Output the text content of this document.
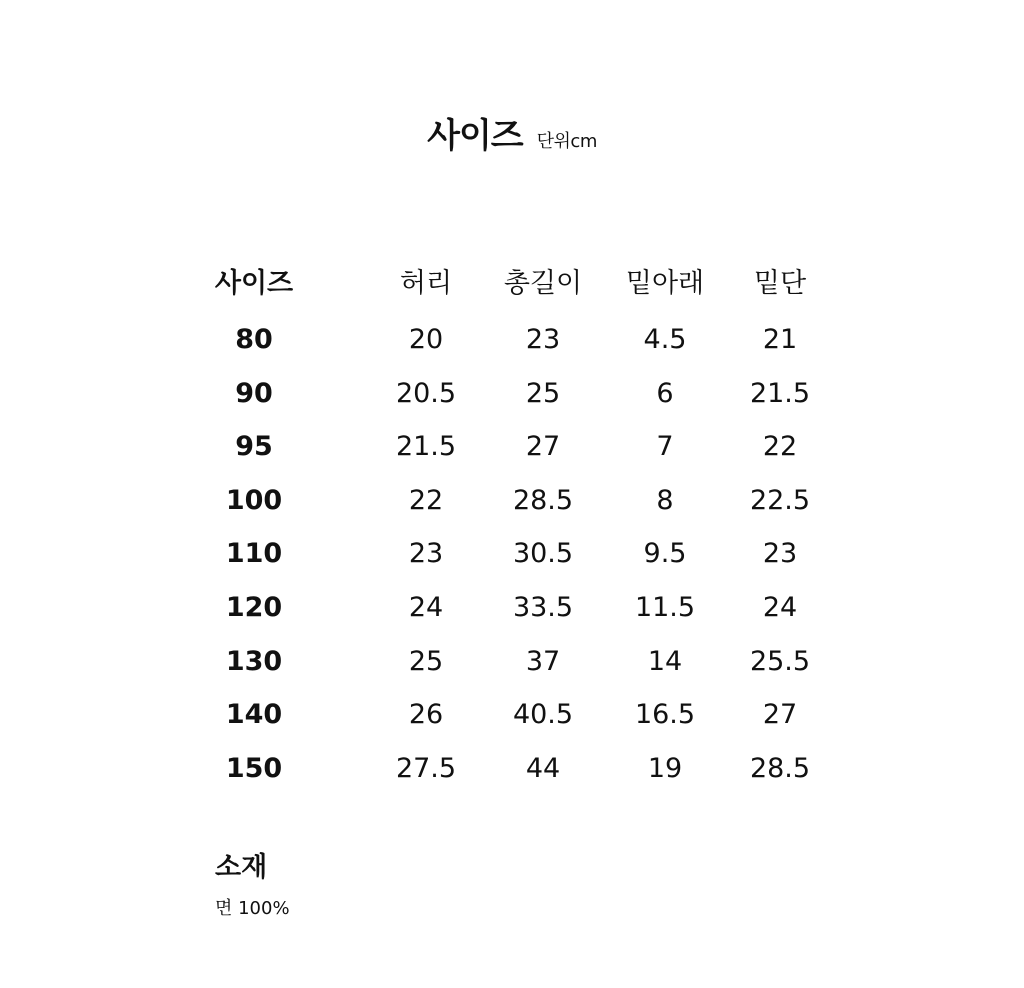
사이즈 단위cm
사이즈	허리	총길이	밑아래	밑단
80	20	23	4.5	21
90	20.5	25	6	21.5
95	21.5	27	7	22
100	22	28.5	8	22.5
110	23	30.5	9.5	23
120	24	33.5	11.5	24
130	25	37	14	25.5
140	26	40.5	16.5	27
150	27.5	44	19	28.5
소재
면 100%
